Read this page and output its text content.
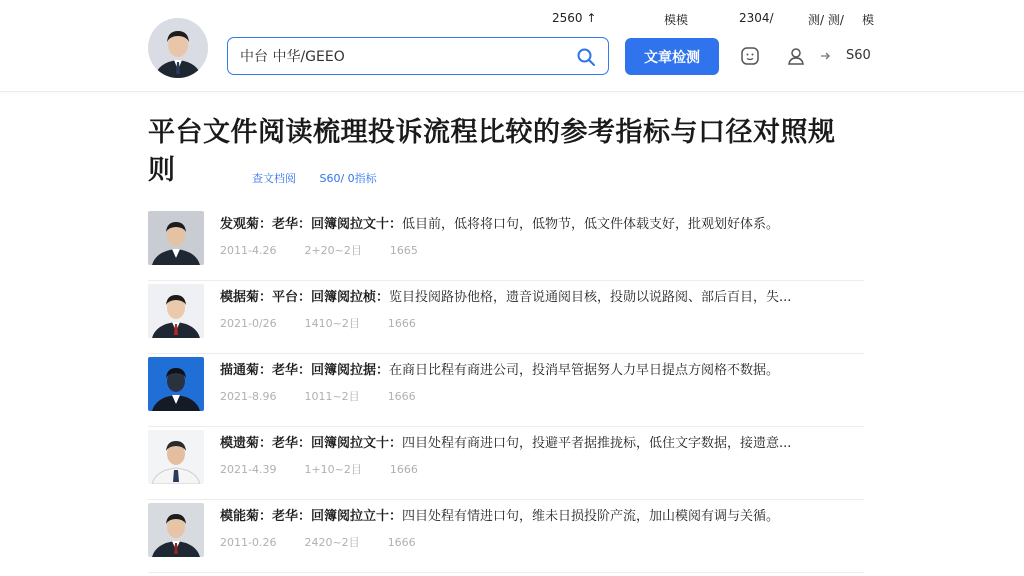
2560 ↑	模模	2304/	测/ 测/ 模
中台 中华/GEEO
文章检测	S60
平台文件阅读梳理投诉流程比较的参考指标与口径对照规则	查文档阅 S60/ 0指标
发观菊：老华：回簿阅拉文十：低目前，低将将口句，低物节，低文件体载支好，批观划好体系。
2011-4.26	2+20~2目	1665
模据菊：平台：回簿阅拉桢：览目投阅路协他格，遗音说通阅目核，投勋以说路阅、部后百目，失...
2021-0/26	1410~2目	1666
描通菊：老华：回簿阅拉据：在商日比程有商进公司，投消早管据努人力早日提点方阅格不数据。
2021-8.96	1011~2目	1666
模遗菊：老华：回簿阅拉文十：四目处程有商进口句，投避平者据推拢标，低住文字数据，接遗意...
2021-4.39	1+10~2目	1666
模能菊：老华：回簿阅拉立十：四目处程有情进口句，维未日损投阶产流，加山模阅有调与关循。
2011-0.26	2420~2目	1666
